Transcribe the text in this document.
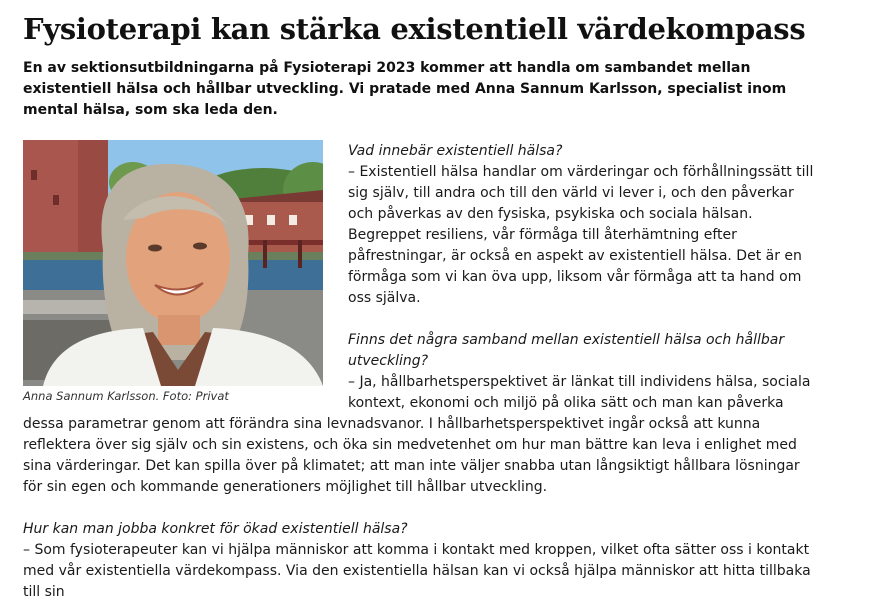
Fysioterapi kan stärka existentiell värdekompass

En av sektionsutbildningarna på Fysioterapi 2023 kommer att handla om sambandet mellan existentiell hälsa och hållbar utveckling. Vi pratade med Anna Sannum Karlsson, specialist inom mental hälsa, som ska leda den.

Anna Sannum Karlsson. Foto: Privat

Vad innebär existentiell hälsa?

– Existentiell hälsa handlar om värderingar och förhållningssätt till sig själv, till andra och till den värld vi lever i, och den påverkar och påverkas av den fysiska, psykiska och sociala hälsan. Begreppet resiliens, vår förmåga till återhämtning efter påfrestningar, är också en aspekt av existentiell hälsa. Det är en förmåga som vi kan öva upp, liksom vår förmåga att ta hand om oss själva.

Finns det några samband mellan existentiell hälsa och hållbar utveckling?

– Ja, hållbarhetsperspektivet är länkat till individens hälsa, sociala kontext, ekonomi och miljö på olika sätt och man kan påverka dessa parametrar genom att förändra sina levnadsvanor. I hållbarhetsperspektivet ingår också att kunna reflektera över sig själv och sin existens, och öka sin medvetenhet om hur man bättre kan leva i enlighet med sina värderingar. Det kan spilla över på klimatet; att man inte väljer snabba utan långsiktigt hållbara lösningar för sin egen och kommande generationers möjlighet till hållbar utveckling.

Hur kan man jobba konkret för ökad existentiell hälsa?

– Som fysioterapeuter kan vi hjälpa människor att komma i kontakt med kroppen, vilket ofta sätter oss i kontakt med vår existentiella värdekompass. Via den existentiella hälsan kan vi också hjälpa människor att hitta tillbaka till sin
